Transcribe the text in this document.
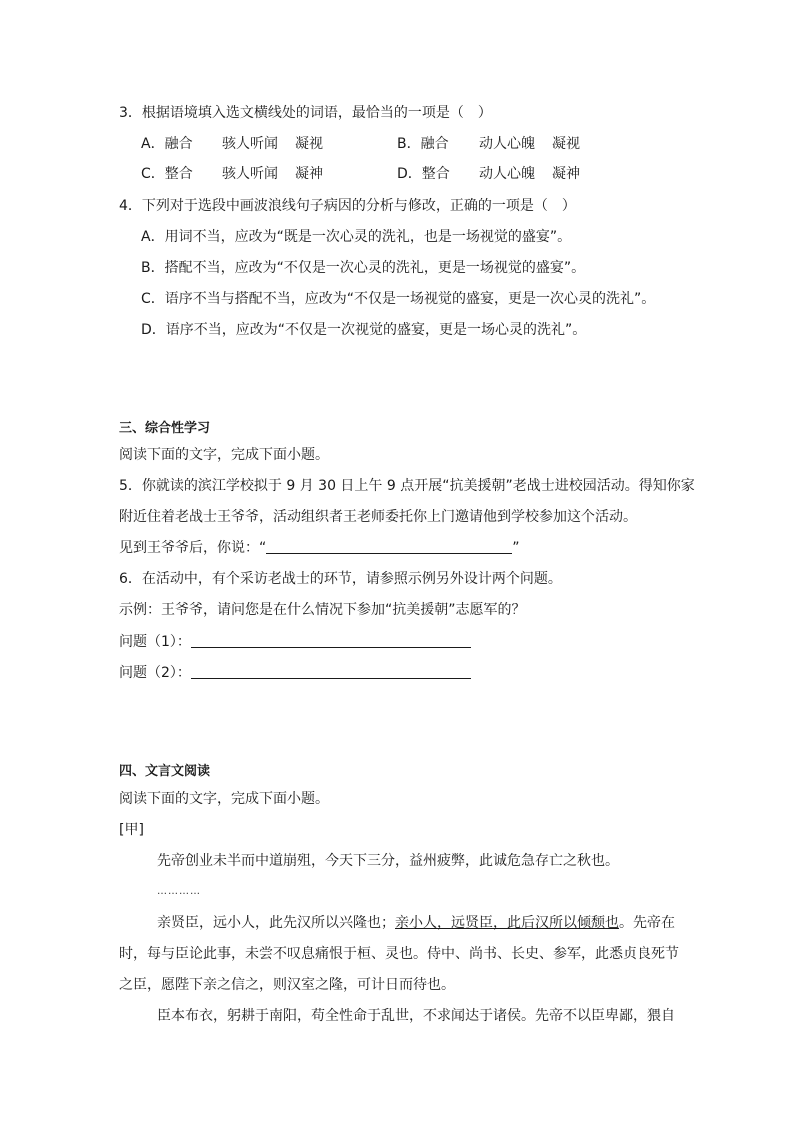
3．根据语境填入选文横线处的词语，最恰当的一项是（　）
A．融合 骇人听闻 凝视	B．融合 动人心魄 凝视
C．整合 骇人听闻 凝神	D．整合 动人心魄 凝神
4．下列对于选段中画波浪线句子病因的分析与修改，正确的一项是（　）
A．用词不当，应改为“既是一次心灵的洗礼，也是一场视觉的盛宴”。
B．搭配不当，应改为“不仅是一次心灵的洗礼，更是一场视觉的盛宴”。
C．语序不当与搭配不当，应改为“不仅是一场视觉的盛宴，更是一次心灵的洗礼”。
D．语序不当，应改为“不仅是一次视觉的盛宴，更是一场心灵的洗礼”。
三、综合性学习
阅读下面的文字，完成下面小题。
5．你就读的滨江学校拟于 9 月 30 日上午 9 点开展“抗美援朝”老战士进校园活动。得知你家
附近住着老战士王爷爷，活动组织者王老师委托你上门邀请他到学校参加这个活动。
见到王爷爷后，你说：“	”
6．在活动中，有个采访老战士的环节，请参照示例另外设计两个问题。
示例：王爷爷，请问您是在什么情况下参加“抗美援朝”志愿军的？
问题（1）：
问题（2）：
四、文言文阅读
阅读下面的文字，完成下面小题。
[甲]
先帝创业未半而中道崩殂，今天下三分，益州疲弊，此诚危急存亡之秋也。
…………
亲贤臣，远小人，此先汉所以兴隆也；亲小人，远贤臣，此后汉所以倾颓也。先帝在
时，每与臣论此事，未尝不叹息痛恨于桓、灵也。侍中、尚书、长史、参军，此悉贞良死节
之臣，愿陛下亲之信之，则汉室之隆，可计日而待也。
臣本布衣，躬耕于南阳，苟全性命于乱世，不求闻达于诸侯。先帝不以臣卑鄙，猥自
